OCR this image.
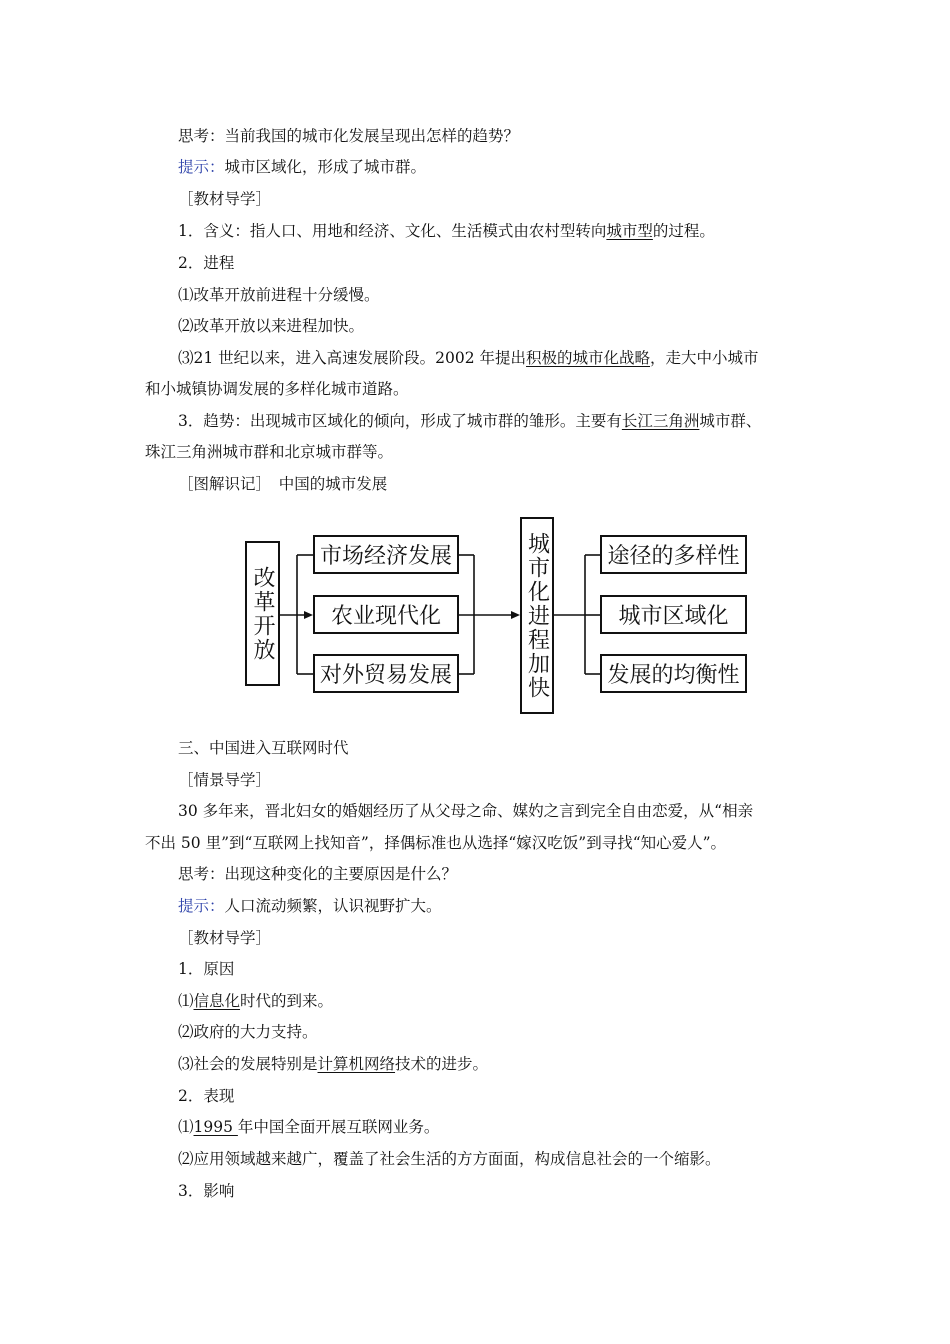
思考：当前我国的城市化发展呈现出怎样的趋势？
提示：城市区域化，形成了城市群。
［教材导学］
1．含义：指人口、用地和经济、文化、生活模式由农村型转向城市型的过程。
2．进程
⑴改革开放前进程十分缓慢。
⑵改革开放以来进程加快。
⑶21 世纪以来，进入高速发展阶段。2002 年提出积极的城市化战略，走大中小城市
和小城镇协调发展的多样化城市道路。
3．趋势：出现城市区域化的倾向，形成了城市群的雏形。主要有长江三角洲城市群、
珠江三角洲城市群和北京城市群等。
［图解识记］　中国的城市发展
改革开放
市场经济发展
农业现代化
对外贸易发展	城市化进程加快	途径的多样性
城市区域化
发展的均衡性
三、中国进入互联网时代
［情景导学］
30 多年来，晋北妇女的婚姻经历了从父母之命、媒妁之言到完全自由恋爱，从“相亲
不出 50 里”到“互联网上找知音”，择偶标准也从选择“嫁汉吃饭”到寻找“知心爱人”。
思考：出现这种变化的主要原因是什么？
提示：人口流动频繁，认识视野扩大。
［教材导学］
1．原因
⑴信息化时代的到来。
⑵政府的大力支持。
⑶社会的发展特别是计算机网络技术的进步。
2．表现
⑴1995 年中国全面开展互联网业务。
⑵应用领域越来越广，覆盖了社会生活的方方面面，构成信息社会的一个缩影。
3．影响
